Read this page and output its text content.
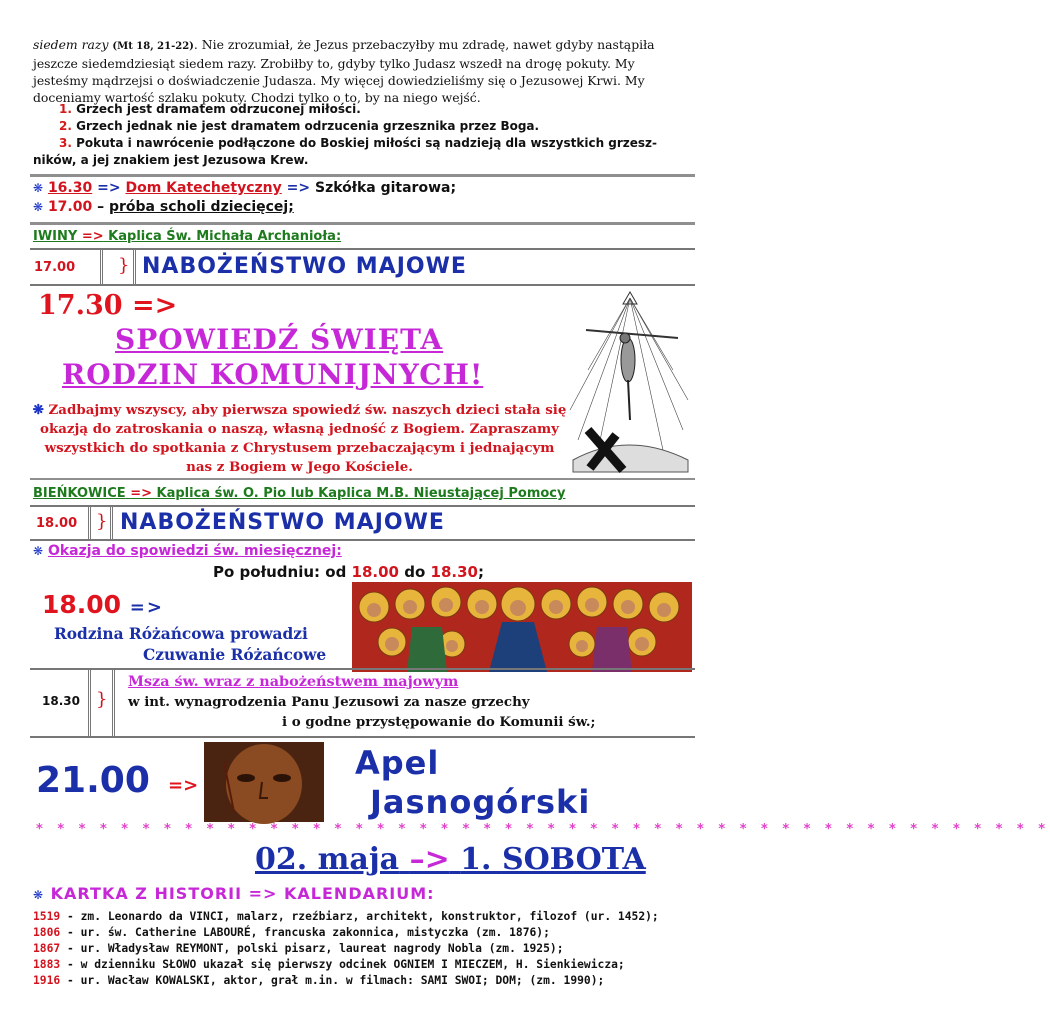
siedem razy (Mt 18, 21-22). Nie zrozumiał, że Jezus przebaczyłby mu zdradę, nawet gdyby nastąpiła jeszcze siedemdziesiąt siedem razy. Zrobiłby to, gdyby tylko Judasz wszedł na drogę pokuty. My jesteśmy mądrzejsi o doświadczenie Judasza. My więcej dowiedzieliśmy się o Jezusowej Krwi. My doceniamy wartość szlaku pokuty. Chodzi tylko o to, by na niego wejść.
1. Grzech jest dramatem odrzuconej miłości.
2. Grzech jednak nie jest dramatem odrzucenia grzesznika przez Boga.
3. Pokuta i nawrócenie podłączone do Boskiej miłości są nadzieją dla wszystkich grzesz-
ników, a jej znakiem jest Jezusowa Krew.
❋ 16.30 => Dom Katechetyczny => Szkółka gitarowa;
❋ 17.00 – próba scholi dziecięcej;
IWINY => Kaplica Św. Michała Archanioła:
17.00 } NABOŻEŃSTWO MAJOWE
17.30 =>
SPOWIEDŹ ŚWIĘTA
RODZIN KOMUNIJNYCH!
❋ Zadbajmy wszyscy, aby pierwsza spowiedź św. naszych dzieci stała się okazją do zatroskania o naszą, własną jedność z Bogiem. Zapraszamy wszystkich do spotkania z Chrystusem przebaczającym i jednającym nas z Bogiem w Jego Kościele.
BIEŃKOWICE => Kaplica św. O. Pio lub Kaplica M.B. Nieustającej Pomocy
18.00 } NABOŻEŃSTWO MAJOWE
❋ Okazja do spowiedzi św. miesięcznej:
Po południu: od 18.00 do 18.30;
18.00 =>
Rodzina Różańcowa prowadzi
Czuwanie Różańcowe
18.30 }
Msza św. wraz z nabożeństwem majowym
w int. wynagrodzenia Panu Jezusowi za nasze grzechy
i o godne przystępowanie do Komunii św.;
21.00 =>
Apel
Jasnogórski
* * * * * * * * * * * * * * * * * * * * * * * * * * * * * * * * * * * * * * * * * * * * * * * *
02. maja –> 1. SOBOTA
❋ KARTKA Z HISTORII => KALENDARIUM:
1519 - zm. Leonardo da VINCI, malarz, rzeźbiarz, architekt, konstruktor, filozof (ur. 1452);
1806 - ur. św. Catherine LABOURÉ, francuska zakonnica, mistyczka (zm. 1876);
1867 - ur. Władysław REYMONT, polski pisarz, laureat nagrody Nobla (zm. 1925);
1883 - w dzienniku SŁOWO ukazał się pierwszy odcinek OGNIEM I MIECZEM, H. Sienkiewicza;
1916 - ur. Wacław KOWALSKI, aktor, grał m.in. w filmach: SAMI SWOI; DOM; (zm. 1990);
